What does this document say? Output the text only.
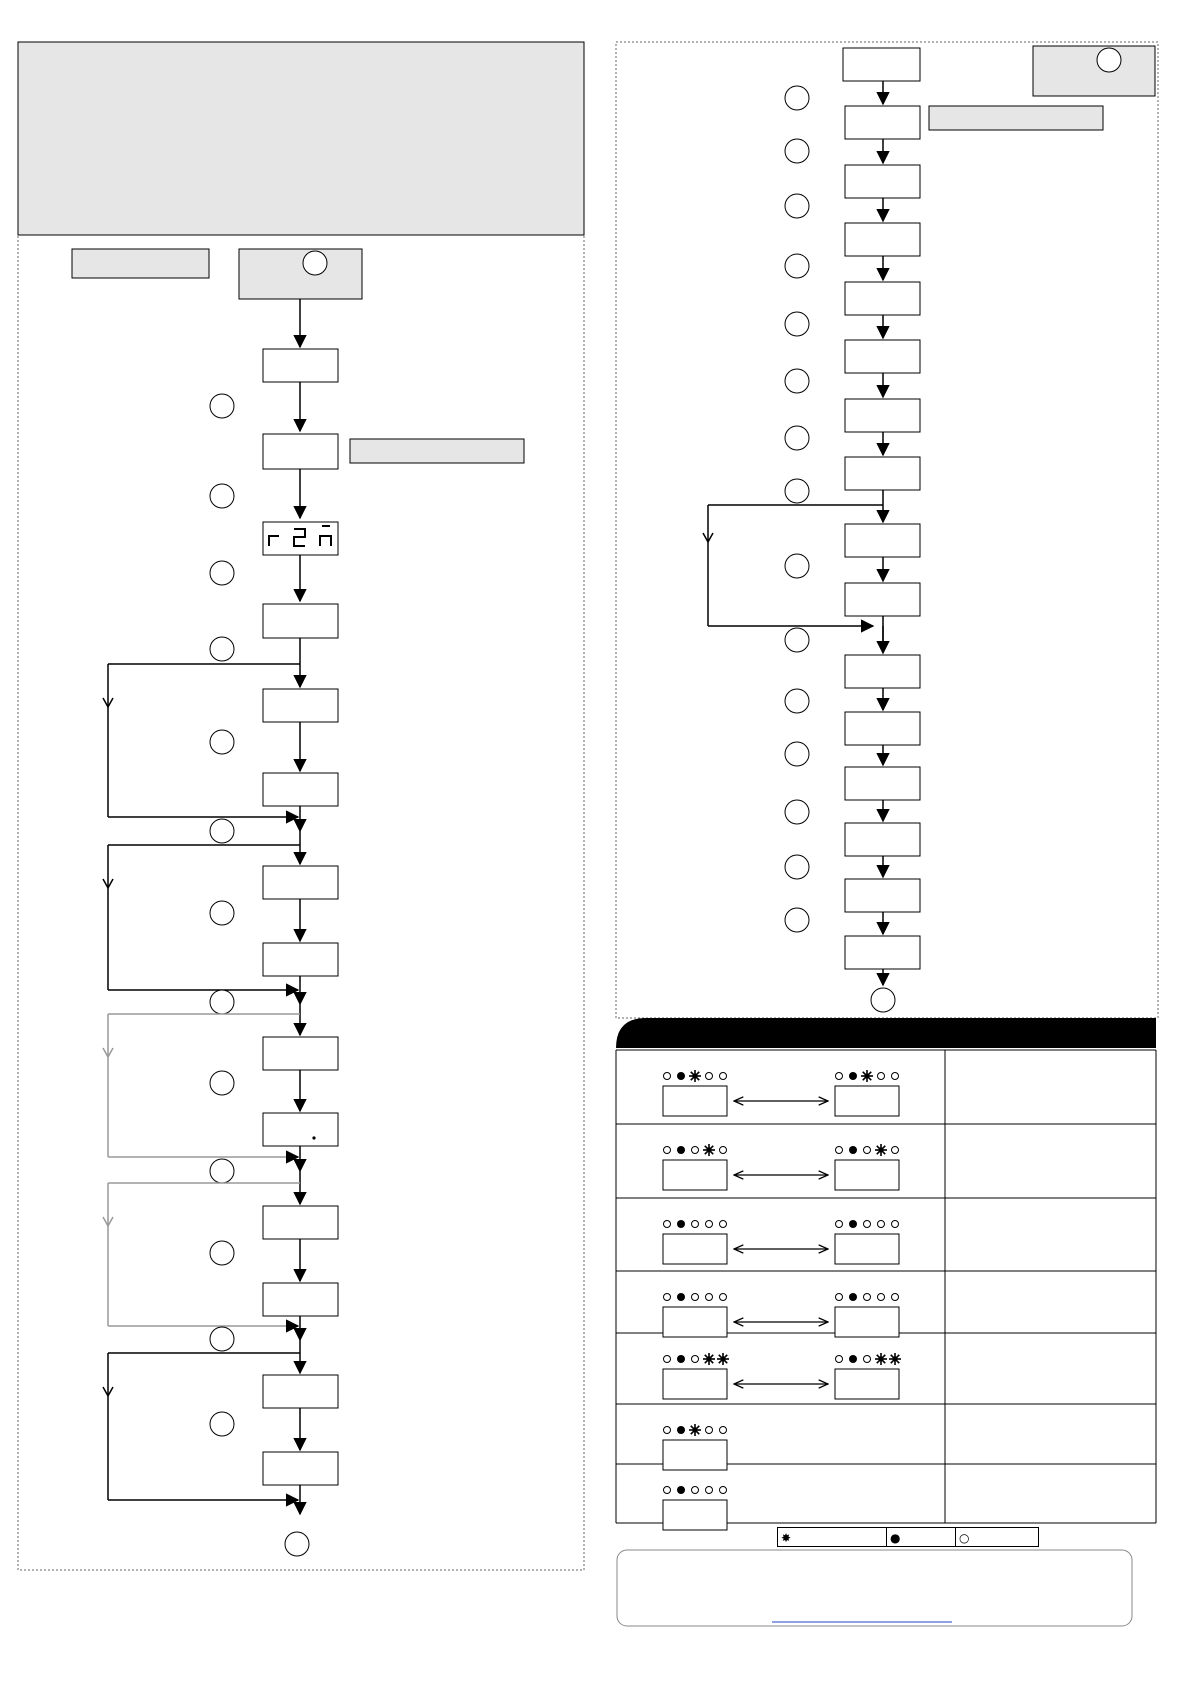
✸	●	○
